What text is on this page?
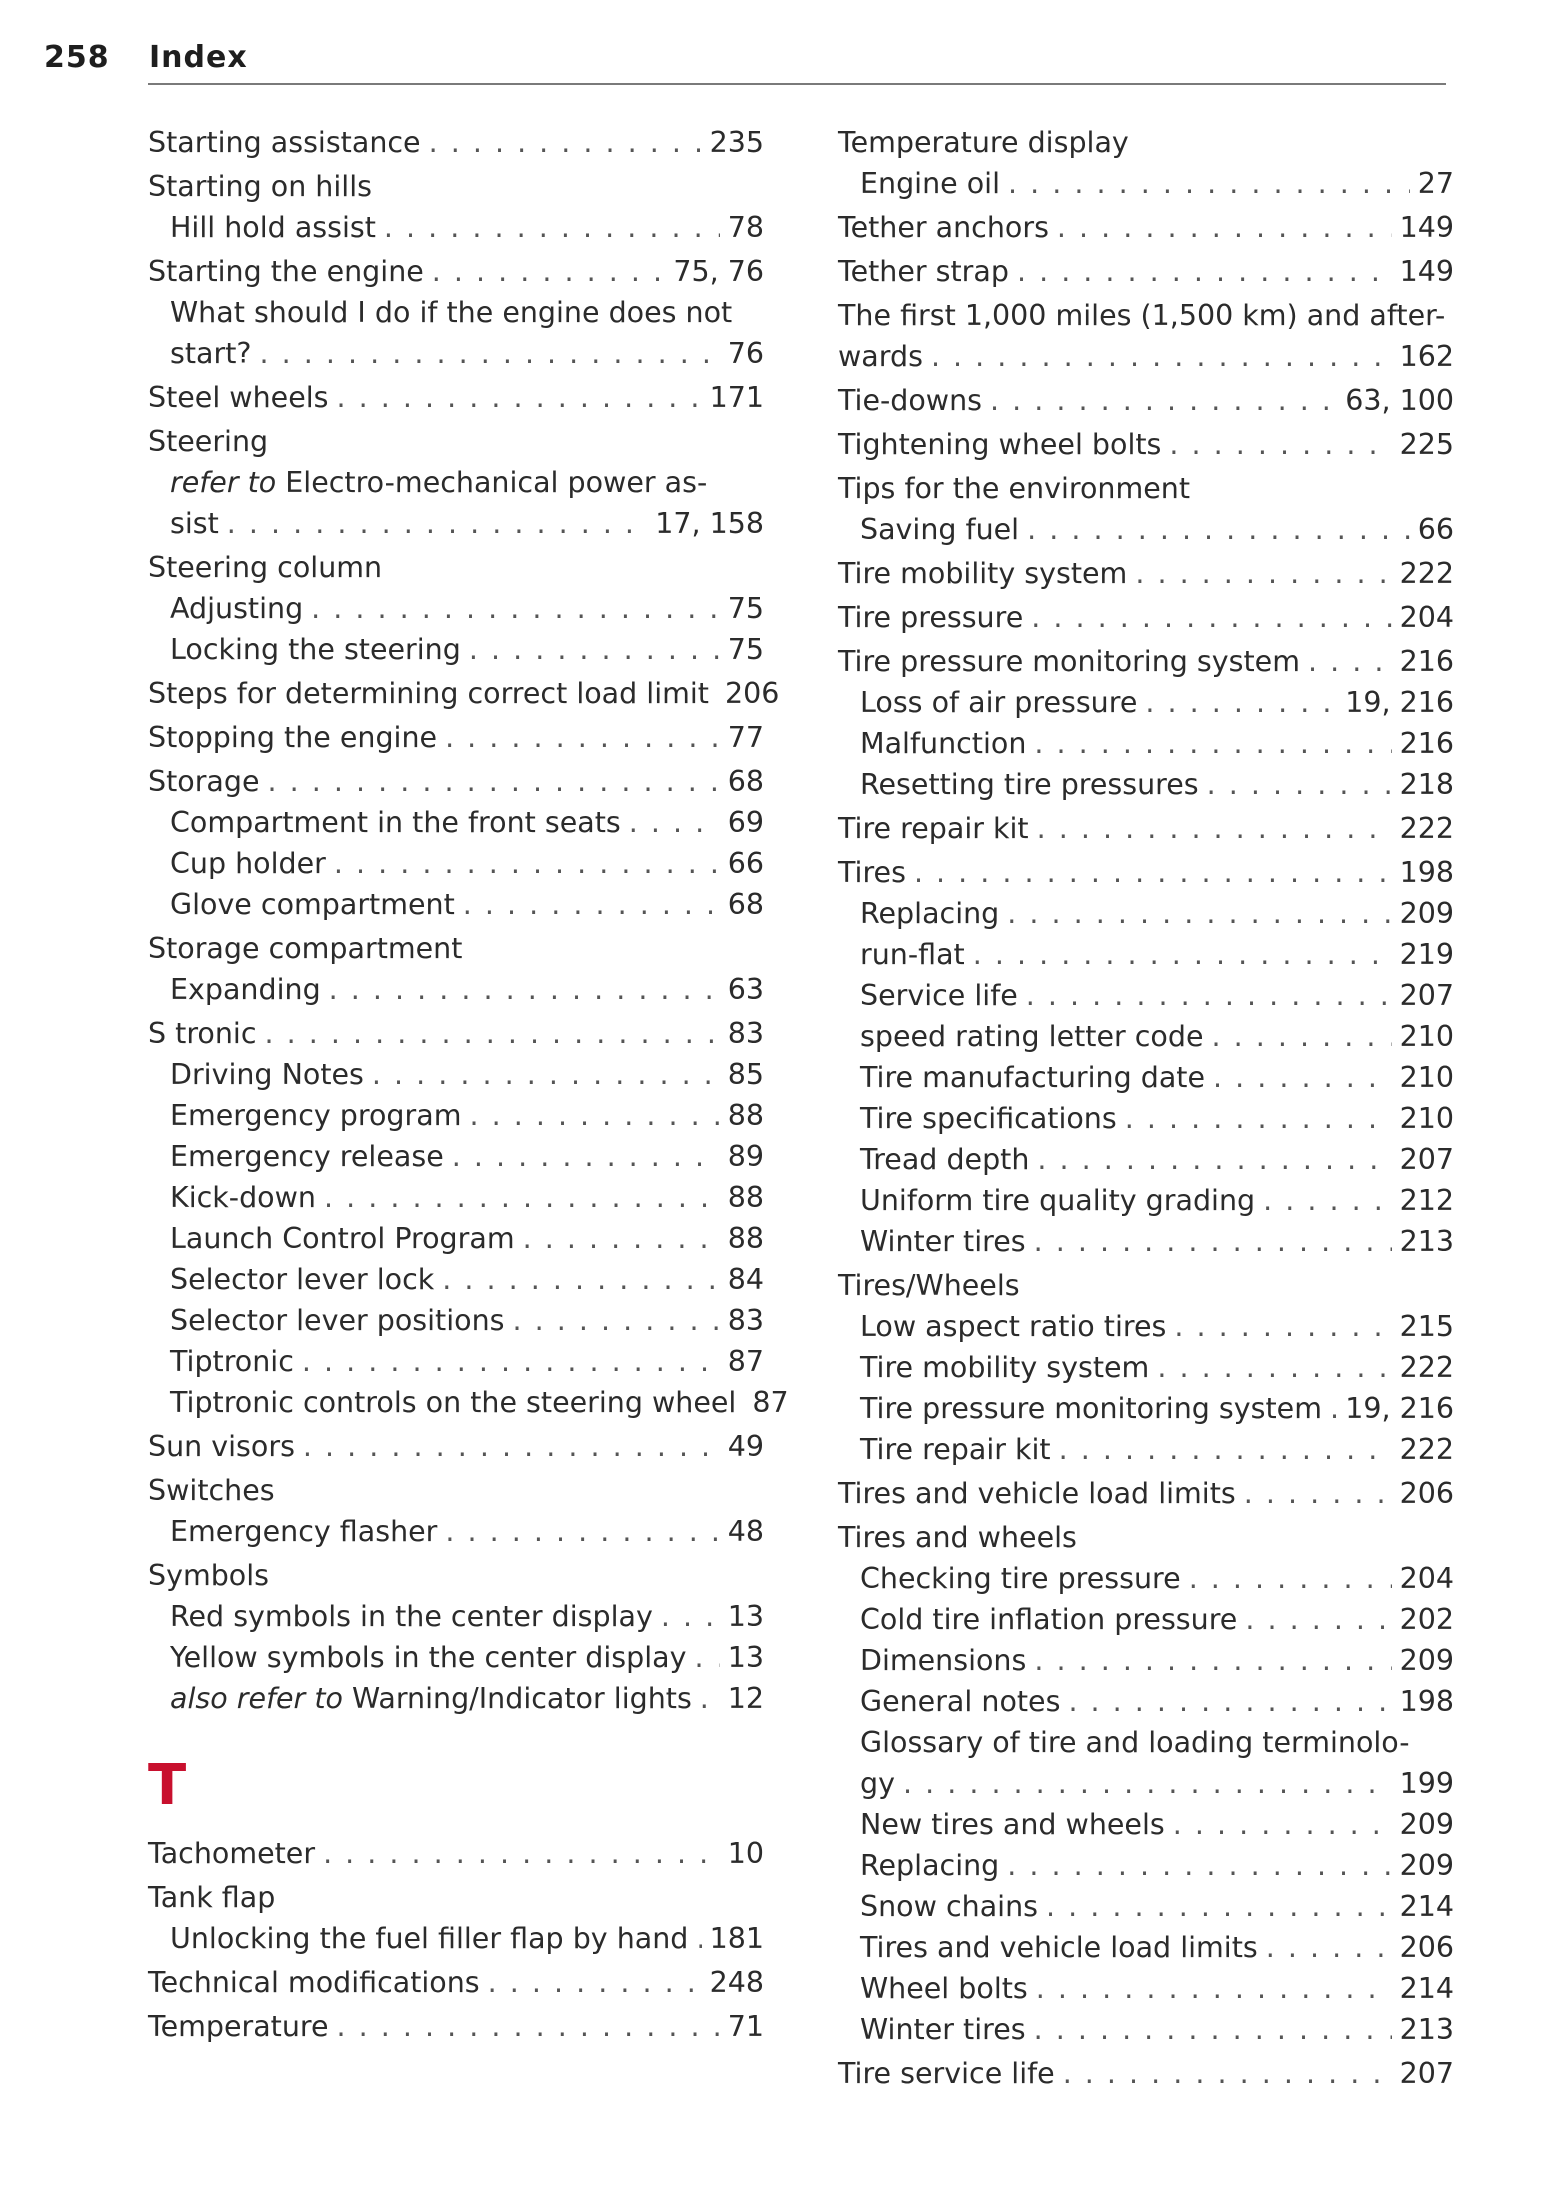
258 Index
Starting assistance . . .	235
Starting on hills
Hill hold assist . . .	78
Starting the engine . . .	75, 76
What should I do if the engine does not
start? . . .	76
Steel wheels . . .	171
Steering
refer to
Electro-mechanical power as-
sist . . .	17, 158
Steering column
Adjusting . . .	75
Locking the steering . . .	75
Steps for determining correct load limit 206
Stopping the engine . . .	77
Storage . . .	68
Compartment in the front seats . . .	69
Cup holder . . .	66
Glove compartment . . .	68
Storage compartment
Expanding . . .	63
S tronic . . .	83
Driving Notes . . .	85
Emergency program . . .	88
Emergency release . . .	89
Kick-down . . .	88
Launch Control Program . . .	88
Selector lever lock . . .	84
Selector lever positions . . .	83
Tiptronic . . .	87
Tiptronic controls on the steering wheel 87
Sun visors . . .	49
Switches
Emergency flasher . . .	48
Symbols
Red symbols in the center display . . .	13
Yellow symbols in the center display . . . 13
also refer to
Warning/Indicator lights . . . 12
T
Tachometer . . .	10
Tank flap
Unlocking the fuel filler flap by hand . . . 181
Technical modifications . . .	248
Temperature . . .	71
Temperature display
Engine oil . . .	27
Tether anchors . . .	149
Tether strap . . .	149
The first 1,000 miles (1,500 km) and after-
wards . . .	162
Tie-downs . . .	63, 100
Tightening wheel bolts . . .	225
Tips for the environment
Saving fuel . . .	66
Tire mobility system . . .	222
Tire pressure . . .	204
Tire pressure monitoring system . . .	216
Loss of air pressure . . .	19, 216
Malfunction . . .	216
Resetting tire pressures . . .	218
Tire repair kit . . .	222
Tires . . .	198
Replacing . . .	209
run-flat . . .	219
Service life . . .	207
speed rating letter code . . .	210
Tire manufacturing date . . .	210
Tire specifications . . .	210
Tread depth . . .	207
Uniform tire quality grading . . .	212
Winter tires . . .	213
Tires/Wheels
Low aspect ratio tires . . .	215
Tire mobility system . . .	222
Tire pressure monitoring system . . . 19, 216
Tire repair kit . . .	222
Tires and vehicle load limits . . .	206
Tires and wheels
Checking tire pressure . . .	204
Cold tire inflation pressure . . .	202
Dimensions . . .	209
General notes . . .	198
Glossary of tire and loading terminolo-
gy . . .	199
New tires and wheels . . .	209
Replacing . . .	209
Snow chains . . .	214
Tires and vehicle load limits . . .	206
Wheel bolts . . .	214
Winter tires . . .	213
Tire service life . . .	207
